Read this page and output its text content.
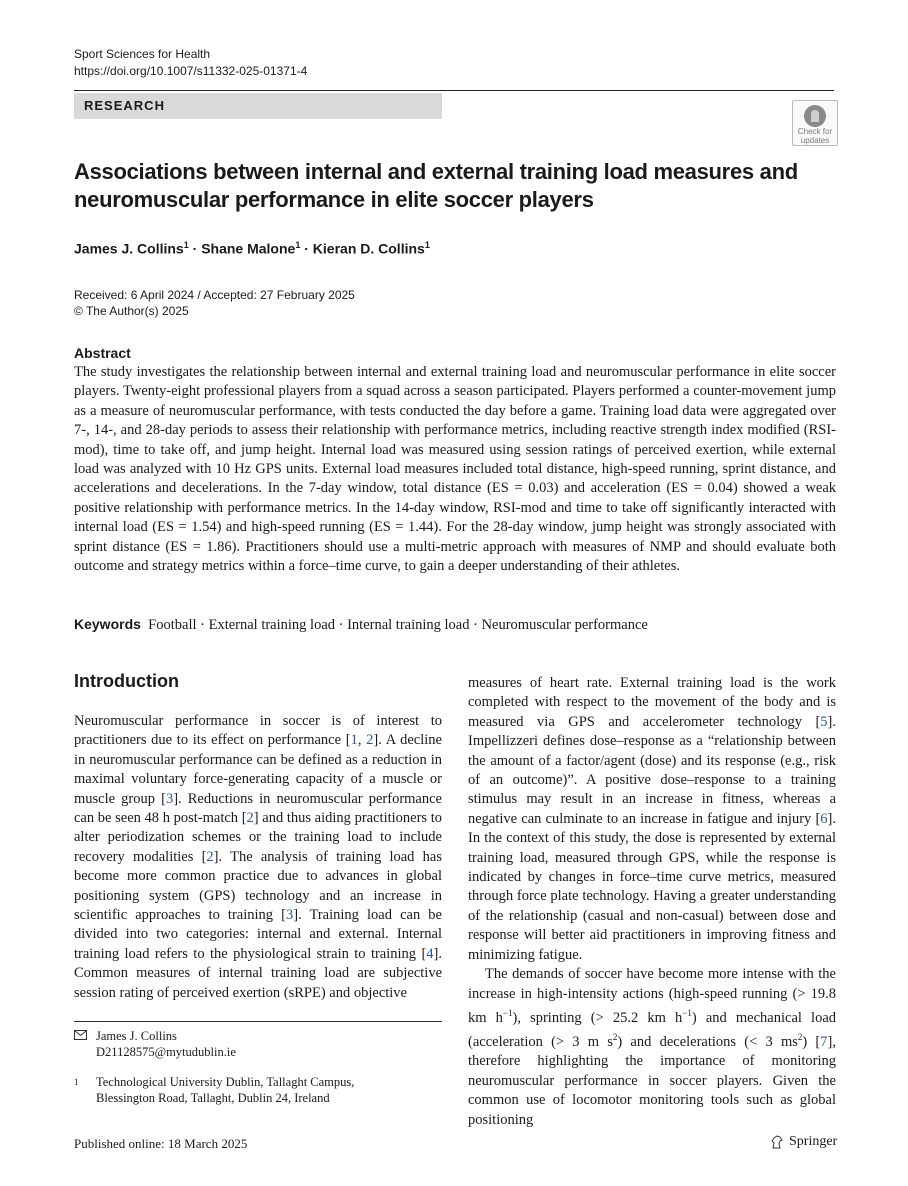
Sport Sciences for Health
https://doi.org/10.1007/s11332-025-01371-4
RESEARCH
Check for
updates
Associations between internal and external training load measures and neuromuscular performance in elite soccer players
James J. Collins$^1$ · Shane Malone$^1$ · Kieran D. Collins$^1$
Received: 6 April 2024 / Accepted: 27 February 2025
© The Author(s) 2025
Abstract
The study investigates the relationship between internal and external training load and neuromuscular performance in elite soccer players. Twenty-eight professional players from a squad across a season participated. Players performed a counter-movement jump as a measure of neuromuscular performance, with tests conducted the day before a game. Training load data were aggregated over 7-, 14-, and 28-day periods to assess their relationship with performance metrics, including reactive strength index modified (RSI-mod), time to take off, and jump height. Internal load was measured using session ratings of perceived exertion, while external load was analyzed with 10 Hz GPS units. External load measures included total distance, high-speed running, sprint distance, and accelerations and decelerations. In the 7-day window, total distance (ES = 0.03) and acceleration (ES = 0.04) showed a weak positive relationship with performance metrics. In the 14-day window, RSI-mod and time to take off significantly interacted with internal load (ES = 1.54) and high-speed running (ES = 1.44). For the 28-day window, jump height was strongly associated with sprint distance (ES = 1.86). Practitioners should use a multi-metric approach with measures of NMP and should evaluate both outcome and strategy metrics within a force–time curve, to gain a deeper understanding of their athletes.
Keywords Football · External training load · Internal training load · Neuromuscular performance
Introduction
Neuromuscular performance in soccer is of interest to practitioners due to its effect on performance [1, 2]. A decline in neuromuscular performance can be defined as a reduction in maximal voluntary force-generating capacity of a muscle or muscle group [3]. Reductions in neuromuscular performance can be seen 48 h post-match [2] and thus aiding practitioners to alter periodization schemes or the training load to include recovery modalities [2]. The analysis of training load has become more common practice due to advances in global positioning system (GPS) technology and an increase in scientific approaches to training [3]. Training load can be divided into two categories: internal and external. Internal training load refers to the physiological strain to training [4]. Common measures of internal training load are subjective session rating of perceived exertion (sRPE) and objective

measures of heart rate. External training load is the work completed with respect to the movement of the body and is measured via GPS and accelerometer technology [5]. Impellizzeri defines dose–response as a “relationship between the amount of a factor/agent (dose) and its response (e.g., risk of an outcome)”. A positive dose–response to a training stimulus may result in an increase in fitness, whereas a negative can culminate to an increase in fatigue and injury [6]. In the context of this study, the dose is represented by external training load, measured through GPS, while the response is indicated by changes in force–time curve metrics, measured through force plate technology. Having a greater understanding of the relationship (casual and non-casual) between dose and response will better aid practitioners in improving fitness and minimizing fatigue.

The demands of soccer have become more intense with the increase in high-intensity actions (high-speed running (> 19.8 km $h^{-1}$), sprinting (> 25.2 km $h^{-1}$) and mechanical load (acceleration (> 3 m $s^2$) and decelerations (< 3 $ms^2$) [7], therefore highlighting the importance of monitoring neuromuscular performance in soccer players. Given the common use of locomotor monitoring tools such as global positioning

James J. Collins
D21128575@mytudublin.ie
1	Technological University Dublin, Tallaght Campus,
Blessington Road, Tallaght, Dublin 24, Ireland
Published online: 18 March 2025	Springer
